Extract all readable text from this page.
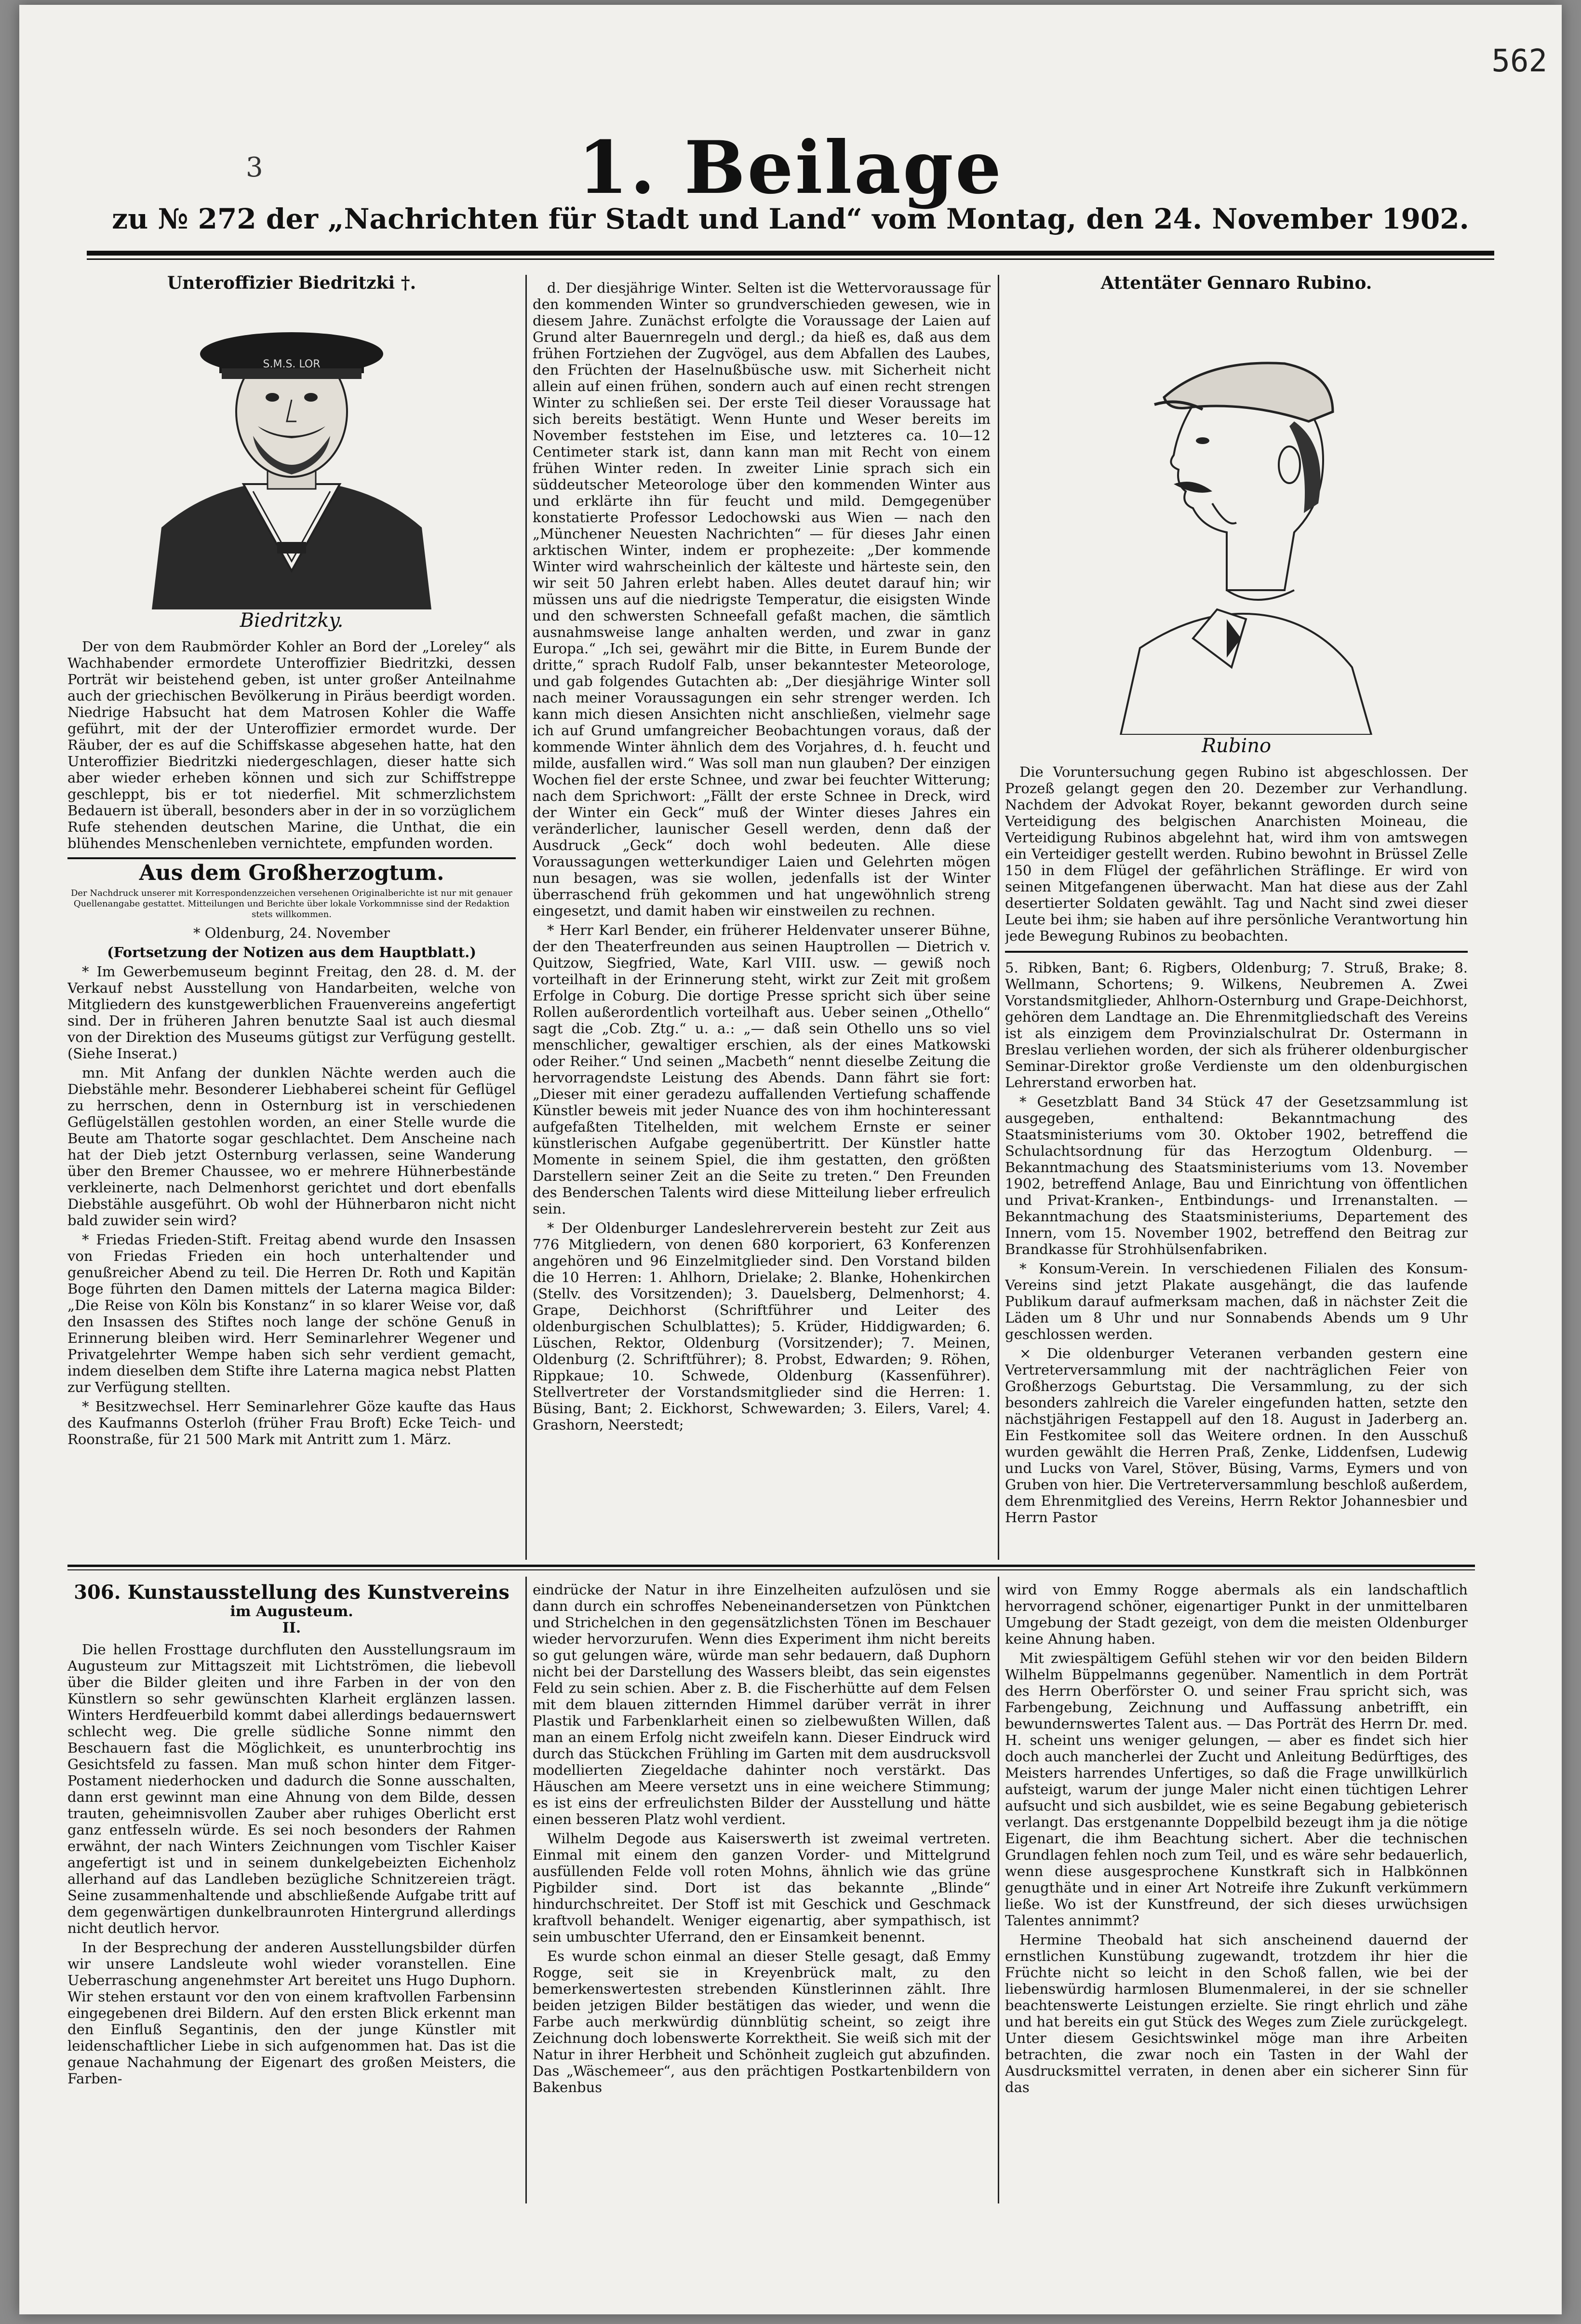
562
3	1. Beilage
zu № 272 der „Nachrichten für Stadt und Land“ vom Montag, den 24. November 1902.
Unteroffizier Biedritzki †.
S.M.S. LOR
Biedritzky.

Der von dem Raubmörder Kohler an Bord der „Loreley“ als Wachhabender ermordete Unteroffizier Biedritzki, dessen Porträt wir beistehend geben, ist unter großer Anteilnahme auch der griechischen Bevölkerung in Piräus beerdigt worden. Niedrige Habsucht hat dem Matrosen Kohler die Waffe geführt, mit der der Unteroffizier ermordet wurde. Der Räuber, der es auf die Schiffskasse abgesehen hatte, hat den Unteroffizier Biedritzki niedergeschlagen, dieser hatte sich aber wieder erheben können und sich zur Schiffstreppe geschleppt, bis er tot niederfiel. Mit schmerzlichstem Bedauern ist überall, besonders aber in der in so vorzüglichem Rufe stehenden deutschen Marine, die Unthat, die ein blühendes Menschenleben vernichtete, empfunden worden.

Aus dem Großherzogtum.
Der Nachdruck unserer mit Korrespondenzzeichen versehenen Originalberichte ist nur mit genauer Quellenangabe gestattet. Mitteilungen und Berichte über lokale Vorkommnisse sind der Redaktion stets willkommen.

* Oldenburg, 24. November

(Fortsetzung der Notizen aus dem Hauptblatt.)

* Im Gewerbemuseum beginnt Freitag, den 28. d. M. der Verkauf nebst Ausstellung von Handarbeiten, welche von Mitgliedern des kunstgewerblichen Frauenvereins angefertigt sind. Der in früheren Jahren benutzte Saal ist auch diesmal von der Direktion des Museums gütigst zur Verfügung gestellt. (Siehe Inserat.)

mn. Mit Anfang der dunklen Nächte werden auch die Diebstähle mehr. Besonderer Liebhaberei scheint für Geflügel zu herrschen, denn in Osternburg ist in verschiedenen Geflügelställen gestohlen worden, an einer Stelle wurde die Beute am Thatorte sogar geschlachtet. Dem Anscheine nach hat der Dieb jetzt Osternburg verlassen, seine Wanderung über den Bremer Chaussee, wo er mehrere Hühnerbestände verkleinerte, nach Delmenhorst gerichtet und dort ebenfalls Diebstähle ausgeführt. Ob wohl der Hühnerbaron nicht nicht bald zuwider sein wird?

* Friedas Frieden-Stift. Freitag abend wurde den Insassen von Friedas Frieden ein hoch unterhaltender und genußreicher Abend zu teil. Die Herren Dr. Roth und Kapitän Boge führten den Damen mittels der Laterna magica Bilder: „Die Reise von Köln bis Konstanz“ in so klarer Weise vor, daß den Insassen des Stiftes noch lange der schöne Genuß in Erinnerung bleiben wird. Herr Seminarlehrer Wegener und Privatgelehrter Wempe haben sich sehr verdient gemacht, indem dieselben dem Stifte ihre Laterna magica nebst Platten zur Verfügung stellten.

* Besitzwechsel. Herr Seminarlehrer Göze kaufte das Haus des Kaufmanns Osterloh (früher Frau Broft) Ecke Teich- und Roonstraße, für 21 500 Mark mit Antritt zum 1. März.

d. Der diesjährige Winter. Selten ist die Wettervoraussage für den kommenden Winter so grundverschieden gewesen, wie in diesem Jahre. Zunächst erfolgte die Voraussage der Laien auf Grund alter Bauernregeln und dergl.; da hieß es, daß aus dem frühen Fortziehen der Zugvögel, aus dem Abfallen des Laubes, den Früchten der Haselnußbüsche usw. mit Sicherheit nicht allein auf einen frühen, sondern auch auf einen recht strengen Winter zu schließen sei. Der erste Teil dieser Voraussage hat sich bereits bestätigt. Wenn Hunte und Weser bereits im November feststehen im Eise, und letzteres ca. 10—12 Centimeter stark ist, dann kann man mit Recht von einem frühen Winter reden. In zweiter Linie sprach sich ein süddeutscher Meteorologe über den kommenden Winter aus und erklärte ihn für feucht und mild. Demgegenüber konstatierte Professor Ledochowski aus Wien — nach den „Münchener Neuesten Nachrichten“ — für dieses Jahr einen arktischen Winter, indem er prophezeite: „Der kommende Winter wird wahrscheinlich der kälteste und härteste sein, den wir seit 50 Jahren erlebt haben. Alles deutet darauf hin; wir müssen uns auf die niedrigste Temperatur, die eisigsten Winde und den schwersten Schneefall gefaßt machen, die sämtlich ausnahmsweise lange anhalten werden, und zwar in ganz Europa.“ „Ich sei, gewährt mir die Bitte, in Eurem Bunde der dritte,“ sprach Rudolf Falb, unser bekanntester Meteorologe, und gab folgendes Gutachten ab: „Der diesjährige Winter soll nach meiner Voraussagungen ein sehr strenger werden. Ich kann mich diesen Ansichten nicht anschließen, vielmehr sage ich auf Grund umfangreicher Beobachtungen voraus, daß der kommende Winter ähnlich dem des Vorjahres, d. h. feucht und milde, ausfallen wird.“ Was soll man nun glauben? Der einzigen Wochen fiel der erste Schnee, und zwar bei feuchter Witterung; nach dem Sprichwort: „Fällt der erste Schnee in Dreck, wird der Winter ein Geck“ muß der Winter dieses Jahres ein veränderlicher, launischer Gesell werden, denn daß der Ausdruck „Geck“ doch wohl bedeuten. Alle diese Voraussagungen wetterkundiger Laien und Gelehrten mögen nun besagen, was sie wollen, jedenfalls ist der Winter überraschend früh gekommen und hat ungewöhnlich streng eingesetzt, und damit haben wir einstweilen zu rechnen.

* Herr Karl Bender, ein früherer Heldenvater unserer Bühne, der den Theaterfreunden aus seinen Hauptrollen — Dietrich v. Quitzow, Siegfried, Wate, Karl VIII. usw. — gewiß noch vorteilhaft in der Erinnerung steht, wirkt zur Zeit mit großem Erfolge in Coburg. Die dortige Presse spricht sich über seine Rollen außerordentlich vorteilhaft aus. Ueber seinen „Othello“ sagt die „Cob. Ztg.“ u. a.: „— daß sein Othello uns so viel menschlicher, gewaltiger erschien, als der eines Matkowski oder Reiher.“ Und seinen „Macbeth“ nennt dieselbe Zeitung die hervorragendste Leistung des Abends. Dann fährt sie fort: „Dieser mit einer geradezu auffallenden Vertiefung schaffende Künstler beweis mit jeder Nuance des von ihm hochinteressant aufgefaßten Titelhelden, mit welchem Ernste er seiner künstlerischen Aufgabe gegenübertritt. Der Künstler hatte Momente in seinem Spiel, die ihm gestatten, den größten Darstellern seiner Zeit an die Seite zu treten.“ Den Freunden des Benderschen Talents wird diese Mitteilung lieber erfreulich sein.

* Der Oldenburger Landeslehrerverein besteht zur Zeit aus 776 Mitgliedern, von denen 680 korporiert, 63 Konferenzen angehören und 96 Einzelmitglieder sind. Den Vorstand bilden die 10 Herren: 1. Ahlhorn, Drielake; 2. Blanke, Hohenkirchen (Stellv. des Vorsitzenden); 3. Dauelsberg, Delmenhorst; 4. Grape, Deichhorst (Schriftführer und Leiter des oldenburgischen Schulblattes); 5. Krüder, Hiddigwarden; 6. Lüschen, Rektor, Oldenburg (Vorsitzender); 7. Meinen, Oldenburg (2. Schriftführer); 8. Probst, Edwarden; 9. Röhen, Rippkaue; 10. Schwede, Oldenburg (Kassenführer). Stellvertreter der Vorstandsmitglieder sind die Herren: 1. Büsing, Bant; 2. Eickhorst, Schwewarden; 3. Eilers, Varel; 4. Grashorn, Neerstedt;

Attentäter Gennaro Rubino.
Rubino

Die Voruntersuchung gegen Rubino ist abgeschlossen. Der Prozeß gelangt gegen den 20. Dezember zur Verhandlung. Nachdem der Advokat Royer, bekannt geworden durch seine Verteidigung des belgischen Anarchisten Moineau, die Verteidigung Rubinos abgelehnt hat, wird ihm von amtswegen ein Verteidiger gestellt werden. Rubino bewohnt in Brüssel Zelle 150 in dem Flügel der gefährlichen Sträflinge. Er wird von seinen Mitgefangenen überwacht. Man hat diese aus der Zahl desertierter Soldaten gewählt. Tag und Nacht sind zwei dieser Leute bei ihm; sie haben auf ihre persönliche Verantwortung hin jede Bewegung Rubinos zu beobachten.

5. Ribken, Bant; 6. Rigbers, Oldenburg; 7. Struß, Brake; 8. Wellmann, Schortens; 9. Wilkens, Neubremen A. Zwei Vorstandsmitglieder, Ahlhorn-Osternburg und Grape-Deichhorst, gehören dem Landtage an. Die Ehrenmitgliedschaft des Vereins ist als einzigem dem Provinzialschulrat Dr. Ostermann in Breslau verliehen worden, der sich als früherer oldenburgischer Seminar-Direktor große Verdienste um den oldenburgischen Lehrerstand erworben hat.

* Gesetzblatt Band 34 Stück 47 der Gesetzsammlung ist ausgegeben, enthaltend: Bekanntmachung des Staatsministeriums vom 30. Oktober 1902, betreffend die Schulachtsordnung für das Herzogtum Oldenburg. — Bekanntmachung des Staatsministeriums vom 13. November 1902, betreffend Anlage, Bau und Einrichtung von öffentlichen und Privat-Kranken-, Entbindungs- und Irrenanstalten. — Bekanntmachung des Staatsministeriums, Departement des Innern, vom 15. November 1902, betreffend den Beitrag zur Brandkasse für Strohhülsenfabriken.

* Konsum-Verein. In verschiedenen Filialen des Konsum-Vereins sind jetzt Plakate ausgehängt, die das laufende Publikum darauf aufmerksam machen, daß in nächster Zeit die Läden um 8 Uhr und nur Sonnabends Abends um 9 Uhr geschlossen werden.

× Die oldenburger Veteranen verbanden gestern eine Vertreterversammlung mit der nachträglichen Feier von Großherzogs Geburtstag. Die Versammlung, zu der sich besonders zahlreich die Vareler eingefunden hatten, setzte den nächstjährigen Festappell auf den 18. August in Jaderberg an. Ein Festkomitee soll das Weitere ordnen. In den Ausschuß wurden gewählt die Herren Praß, Zenke, Liddenfsen, Ludewig und Lucks von Varel, Stöver, Büsing, Varms, Eymers und von Gruben von hier. Die Vertreterversammlung beschloß außerdem, dem Ehrenmitglied des Vereins, Herrn Rektor Johannesbier und Herrn Pastor

306. Kunstausstellung des Kunstvereins
im Augusteum.
II.

Die hellen Frosttage durchfluten den Ausstellungsraum im Augusteum zur Mittagszeit mit Lichtströmen, die liebevoll über die Bilder gleiten und ihre Farben in der von den Künstlern so sehr gewünschten Klarheit erglänzen lassen. Winters Herdfeuerbild kommt dabei allerdings bedauernswert schlecht weg. Die grelle südliche Sonne nimmt den Beschauern fast die Möglichkeit, es ununterbrochtig ins Gesichtsfeld zu fassen. Man muß schon hinter dem Fitger-Postament niederhocken und dadurch die Sonne ausschalten, dann erst gewinnt man eine Ahnung von dem Bilde, dessen trauten, geheimnisvollen Zauber aber ruhiges Oberlicht erst ganz entfesseln würde. Es sei noch besonders der Rahmen erwähnt, der nach Winters Zeichnungen vom Tischler Kaiser angefertigt ist und in seinem dunkelgebeizten Eichenholz allerhand auf das Landleben bezügliche Schnitzereien trägt. Seine zusammenhaltende und abschließende Aufgabe tritt auf dem gegenwärtigen dunkelbraunroten Hintergrund allerdings nicht deutlich hervor.

In der Besprechung der anderen Ausstellungsbilder dürfen wir unsere Landsleute wohl wieder voranstellen. Eine Ueberraschung angenehmster Art bereitet uns Hugo Duphorn. Wir stehen erstaunt vor den von einem kraftvollen Farbensinn eingegebenen drei Bildern. Auf den ersten Blick erkennt man den Einfluß Segantinis, den der junge Künstler mit leidenschaftlicher Liebe in sich aufgenommen hat. Das ist die genaue Nachahmung der Eigenart des großen Meisters, die Farben-

eindrücke der Natur in ihre Einzelheiten aufzulösen und sie dann durch ein schroffes Nebeneinandersetzen von Pünktchen und Strichelchen in den gegensätzlichsten Tönen im Beschauer wieder hervorzurufen. Wenn dies Experiment ihm nicht bereits so gut gelungen wäre, würde man sehr bedauern, daß Duphorn nicht bei der Darstellung des Wassers bleibt, das sein eigenstes Feld zu sein schien. Aber z. B. die Fischerhütte auf dem Felsen mit dem blauen zitternden Himmel darüber verrät in ihrer Plastik und Farbenklarheit einen so zielbewußten Willen, daß man an einem Erfolg nicht zweifeln kann. Dieser Eindruck wird durch das Stückchen Frühling im Garten mit dem ausdrucksvoll modellierten Ziegeldache dahinter noch verstärkt. Das Häuschen am Meere versetzt uns in eine weichere Stimmung; es ist eins der erfreulichsten Bilder der Ausstellung und hätte einen besseren Platz wohl verdient.

Wilhelm Degode aus Kaiserswerth ist zweimal vertreten. Einmal mit einem den ganzen Vorder- und Mittelgrund ausfüllenden Felde voll roten Mohns, ähnlich wie das grüne Pigbilder sind. Dort ist das bekannte „Blinde“ hindurchschreitet. Der Stoff ist mit Geschick und Geschmack kraftvoll behandelt. Weniger eigenartig, aber sympathisch, ist sein umbuschter Uferrand, den er Einsamkeit benennt.

Es wurde schon einmal an dieser Stelle gesagt, daß Emmy Rogge, seit sie in Kreyenbrück malt, zu den bemerkenswertesten strebenden Künstlerinnen zählt. Ihre beiden jetzigen Bilder bestätigen das wieder, und wenn die Farbe auch merkwürdig dünnblütig scheint, so zeigt ihre Zeichnung doch lobenswerte Korrektheit. Sie weiß sich mit der Natur in ihrer Herbheit und Schönheit zugleich gut abzufinden. Das „Wäschemeer“, aus den prächtigen Postkartenbildern von Bakenbus

wird von Emmy Rogge abermals als ein landschaftlich hervorragend schöner, eigenartiger Punkt in der unmittelbaren Umgebung der Stadt gezeigt, von dem die meisten Oldenburger keine Ahnung haben.

Mit zwiespältigem Gefühl stehen wir vor den beiden Bildern Wilhelm Büppelmanns gegenüber. Namentlich in dem Porträt des Herrn Oberförster O. und seiner Frau spricht sich, was Farbengebung, Zeichnung und Auffassung anbetrifft, ein bewundernswertes Talent aus. — Das Porträt des Herrn Dr. med. H. scheint uns weniger gelungen, — aber es findet sich hier doch auch mancherlei der Zucht und Anleitung Bedürftiges, des Meisters harrendes Unfertiges, so daß die Frage unwillkürlich aufsteigt, warum der junge Maler nicht einen tüchtigen Lehrer aufsucht und sich ausbildet, wie es seine Begabung gebieterisch verlangt. Das erstgenannte Doppelbild bezeugt ihm ja die nötige Eigenart, die ihm Beachtung sichert. Aber die technischen Grundlagen fehlen noch zum Teil, und es wäre sehr bedauerlich, wenn diese ausgesprochene Kunstkraft sich in Halbkönnen genugthäte und in einer Art Notreife ihre Zukunft verkümmern ließe. Wo ist der Kunstfreund, der sich dieses urwüchsigen Talentes annimmt?

Hermine Theobald hat sich anscheinend dauernd der ernstlichen Kunstübung zugewandt, trotzdem ihr hier die Früchte nicht so leicht in den Schoß fallen, wie bei der liebenswürdig harmlosen Blumenmalerei, in der sie schneller beachtenswerte Leistungen erzielte. Sie ringt ehrlich und zähe und hat bereits ein gut Stück des Weges zum Ziele zurückgelegt. Unter diesem Gesichtswinkel möge man ihre Arbeiten betrachten, die zwar noch ein Tasten in der Wahl der Ausdrucksmittel verraten, in denen aber ein sicherer Sinn für das
